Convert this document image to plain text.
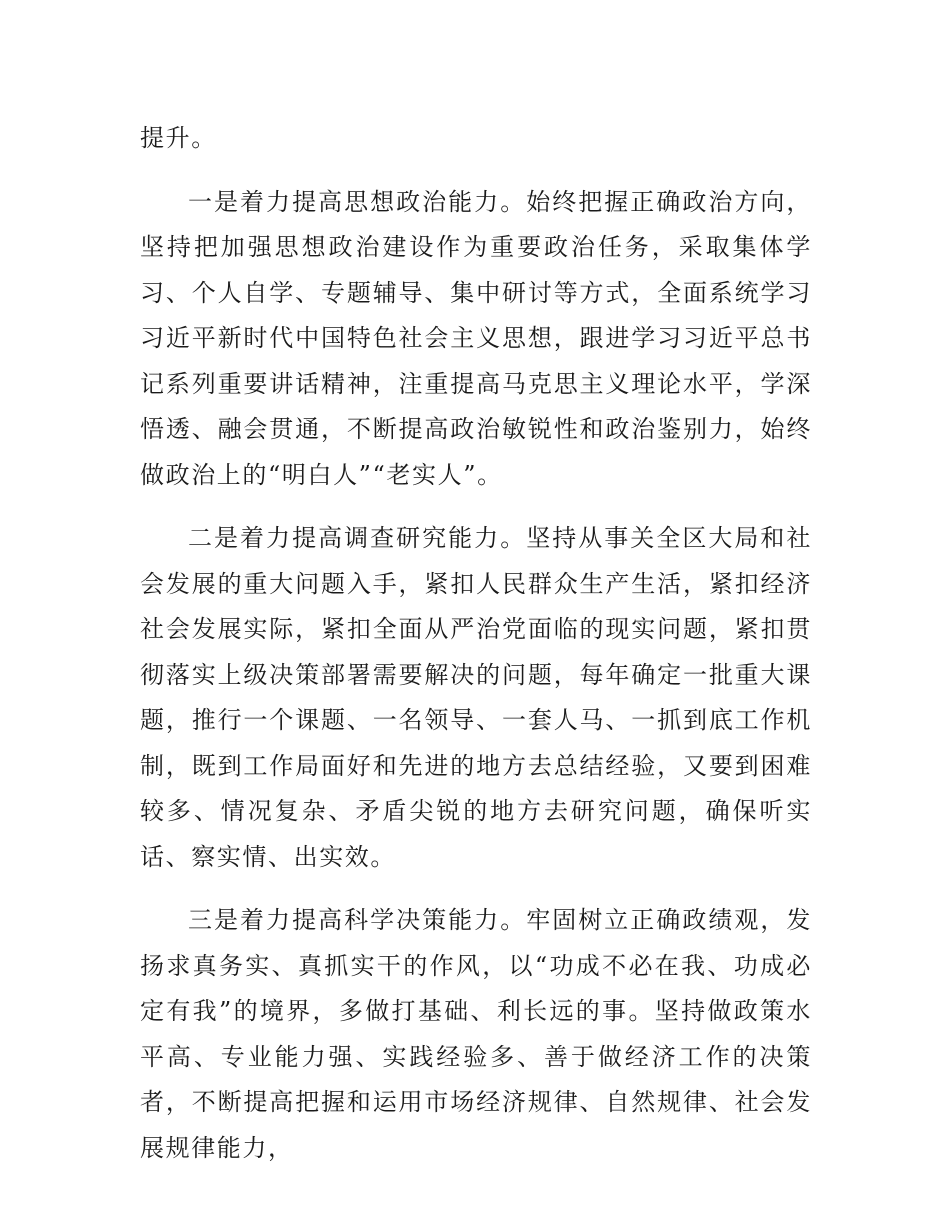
提升。

一是着力提高思想政治能力。始终把握正确政治方向，坚持把加强思想政治建设作为重要政治任务，采取集体学习、个人自学、专题辅导、集中研讨等方式，全面系统学习习近平新时代中国特色社会主义思想，跟进学习习近平总书记系列重要讲话精神，注重提高马克思主义理论水平，学深悟透、融会贯通，不断提高政治敏锐性和政治鉴别力，始终做政治上的“明白人”“老实人”。

二是着力提高调查研究能力。坚持从事关全区大局和社会发展的重大问题入手，紧扣人民群众生产生活，紧扣经济社会发展实际，紧扣全面从严治党面临的现实问题，紧扣贯彻落实上级决策部署需要解决的问题，每年确定一批重大课题，推行一个课题、一名领导、一套人马、一抓到底工作机制，既到工作局面好和先进的地方去总结经验，又要到困难较多、情况复杂、矛盾尖锐的地方去研究问题，确保听实话、察实情、出实效。

三是着力提高科学决策能力。牢固树立正确政绩观，发扬求真务实、真抓实干的作风，以“功成不必在我、功成必定有我”的境界，多做打基础、利长远的事。坚持做政策水平高、专业能力强、实践经验多、善于做经济工作的决策者，不断提高把握和运用市场经济规律、自然规律、社会发展规律能力，
